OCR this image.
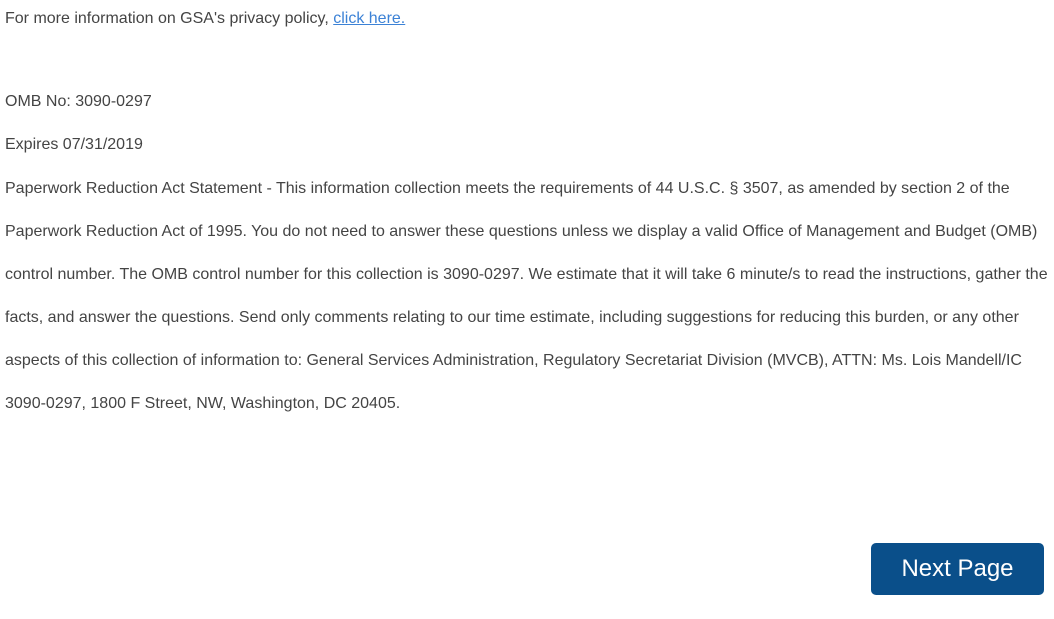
For more information on GSA's privacy policy, click here.
OMB No: 3090-0297
Expires 07/31/2019

Paperwork Reduction Act Statement - This information collection meets the requirements of 44 U.S.C. § 3507, as amended by section 2 of the Paperwork Reduction Act of 1995. You do not need to answer these questions unless we display a valid Office of Management and Budget (OMB) control number. The OMB control number for this collection is 3090-0297. We estimate that it will take 6 minute/s to read the instructions, gather the facts, and answer the questions. Send only comments relating to our time estimate, including suggestions for reducing this burden, or any other aspects of this collection of information to: General Services Administration, Regulatory Secretariat Division (MVCB), ATTN: Ms. Lois Mandell/IC 3090-0297, 1800 F Street, NW, Washington, DC 20405.

Next Page
